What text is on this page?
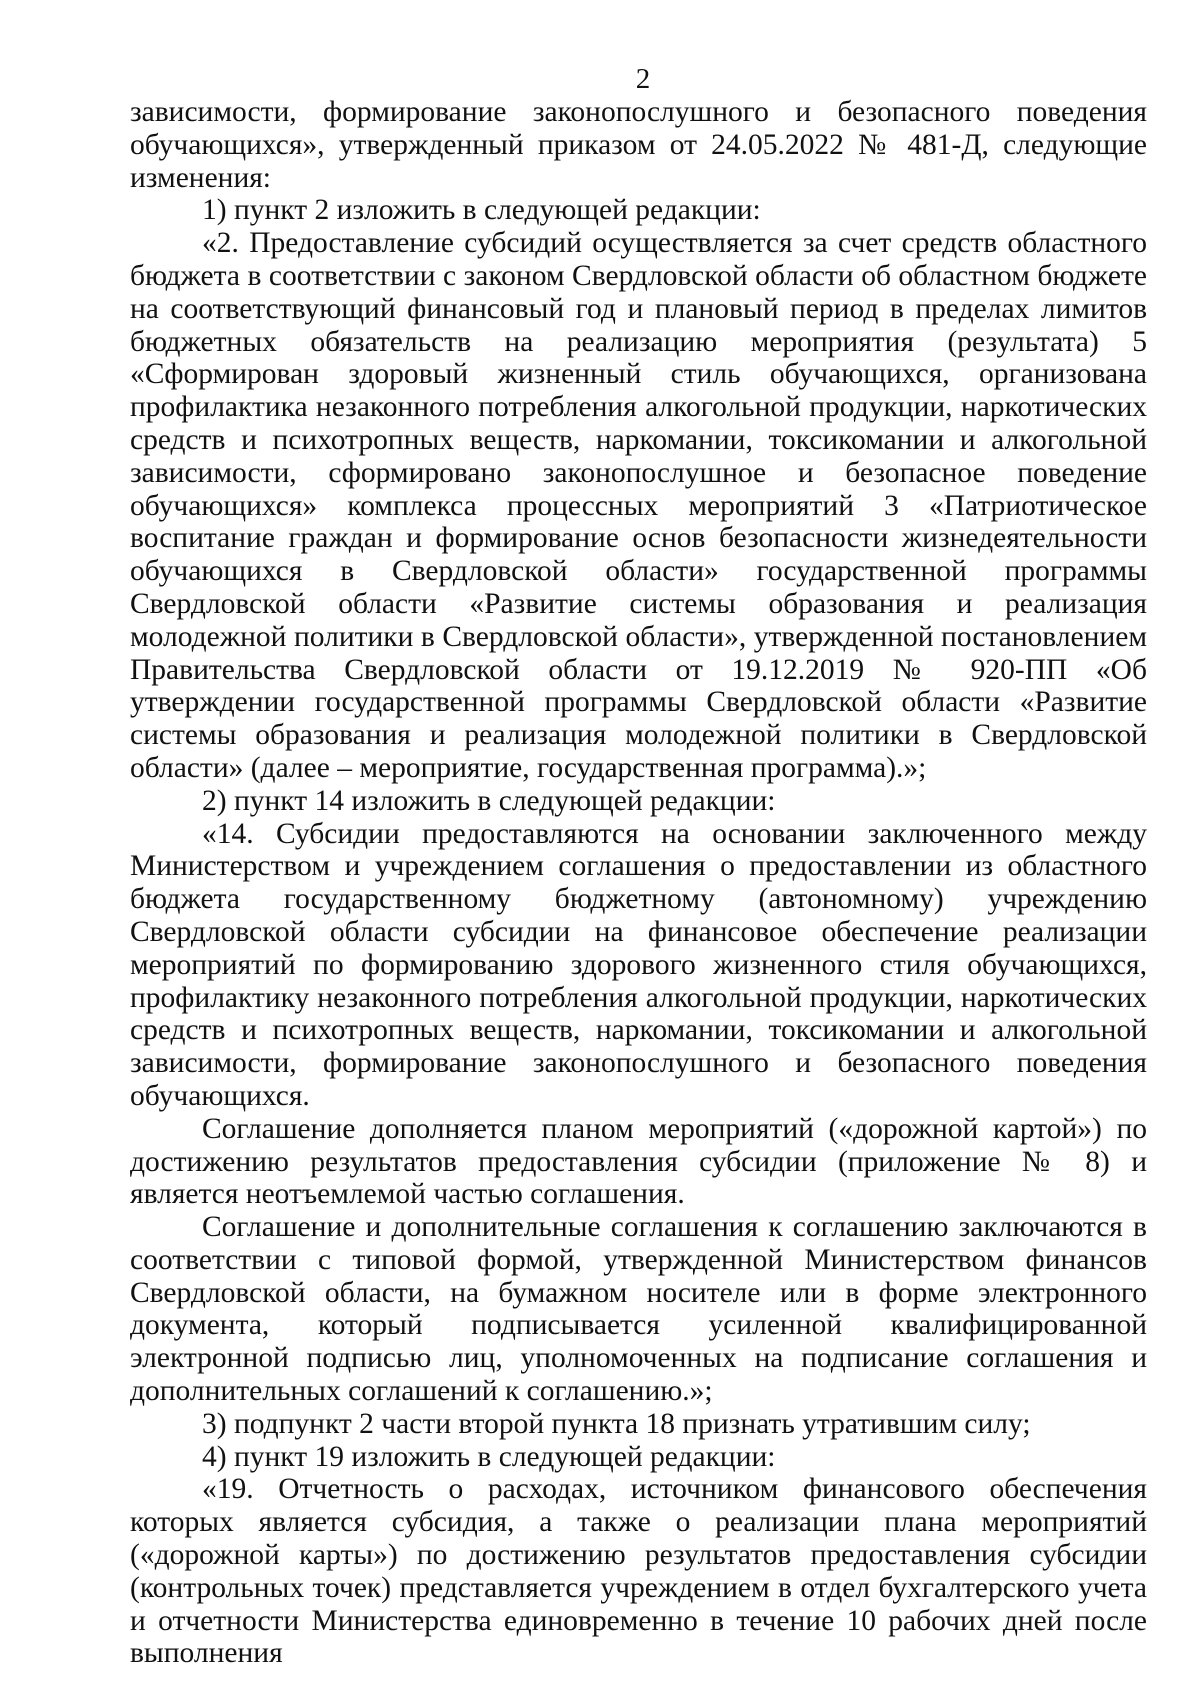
2

зависимости, формирование законопослушного и безопасного поведения обучающихся», утвержденный приказом от 24.05.2022 № 481-Д, следующие изменения:

1) пункт 2 изложить в следующей редакции:

«2. Предоставление субсидий осуществляется за счет средств областного бюджета в соответствии с законом Свердловской области об областном бюджете на соответствующий финансовый год и плановый период в пределах лимитов бюджетных обязательств на реализацию мероприятия (результата) 5 «Сформирован здоровый жизненный стиль обучающихся, организована профилактика незаконного потребления алкогольной продукции, наркотических средств и психотропных веществ, наркомании, токсикомании и алкогольной зависимости, сформировано законопослушное и безопасное поведение обучающихся» комплекса процессных мероприятий 3 «Патриотическое воспитание граждан и формирование основ безопасности жизнедеятельности обучающихся в Свердловской области» государственной программы Свердловской области «Развитие системы образования и реализация молодежной политики в Свердловской области», утвержденной постановлением Правительства Свердловской области от 19.12.2019 № 920-ПП «Об утверждении государственной программы Свердловской области «Развитие системы образования и реализация молодежной политики в Свердловской области» (далее – мероприятие, государственная программа).»;

2) пункт 14 изложить в следующей редакции:

«14. Субсидии предоставляются на основании заключенного между Министерством и учреждением соглашения о предоставлении из областного бюджета государственному бюджетному (автономному) учреждению Свердловской области субсидии на финансовое обеспечение реализации мероприятий по формированию здорового жизненного стиля обучающихся, профилактику незаконного потребления алкогольной продукции, наркотических средств и психотропных веществ, наркомании, токсикомании и алкогольной зависимости, формирование законопослушного и безопасного поведения обучающихся.

Соглашение дополняется планом мероприятий («дорожной картой») по достижению результатов предоставления субсидии (приложение № 8) и является неотъемлемой частью соглашения.

Соглашение и дополнительные соглашения к соглашению заключаются в соответствии с типовой формой, утвержденной Министерством финансов Свердловской области, на бумажном носителе или в форме электронного документа, который подписывается усиленной квалифицированной электронной подписью лиц, уполномоченных на подписание соглашения и дополнительных соглашений к соглашению.»;

3) подпункт 2 части второй пункта 18 признать утратившим силу;

4) пункт 19 изложить в следующей редакции:

«19. Отчетность о расходах, источником финансового обеспечения которых является субсидия, а также о реализации плана мероприятий («дорожной карты») по достижению результатов предоставления субсидии (контрольных точек) представляется учреждением в отдел бухгалтерского учета и отчетности Министерства единовременно в течение 10 рабочих дней после выполнения
